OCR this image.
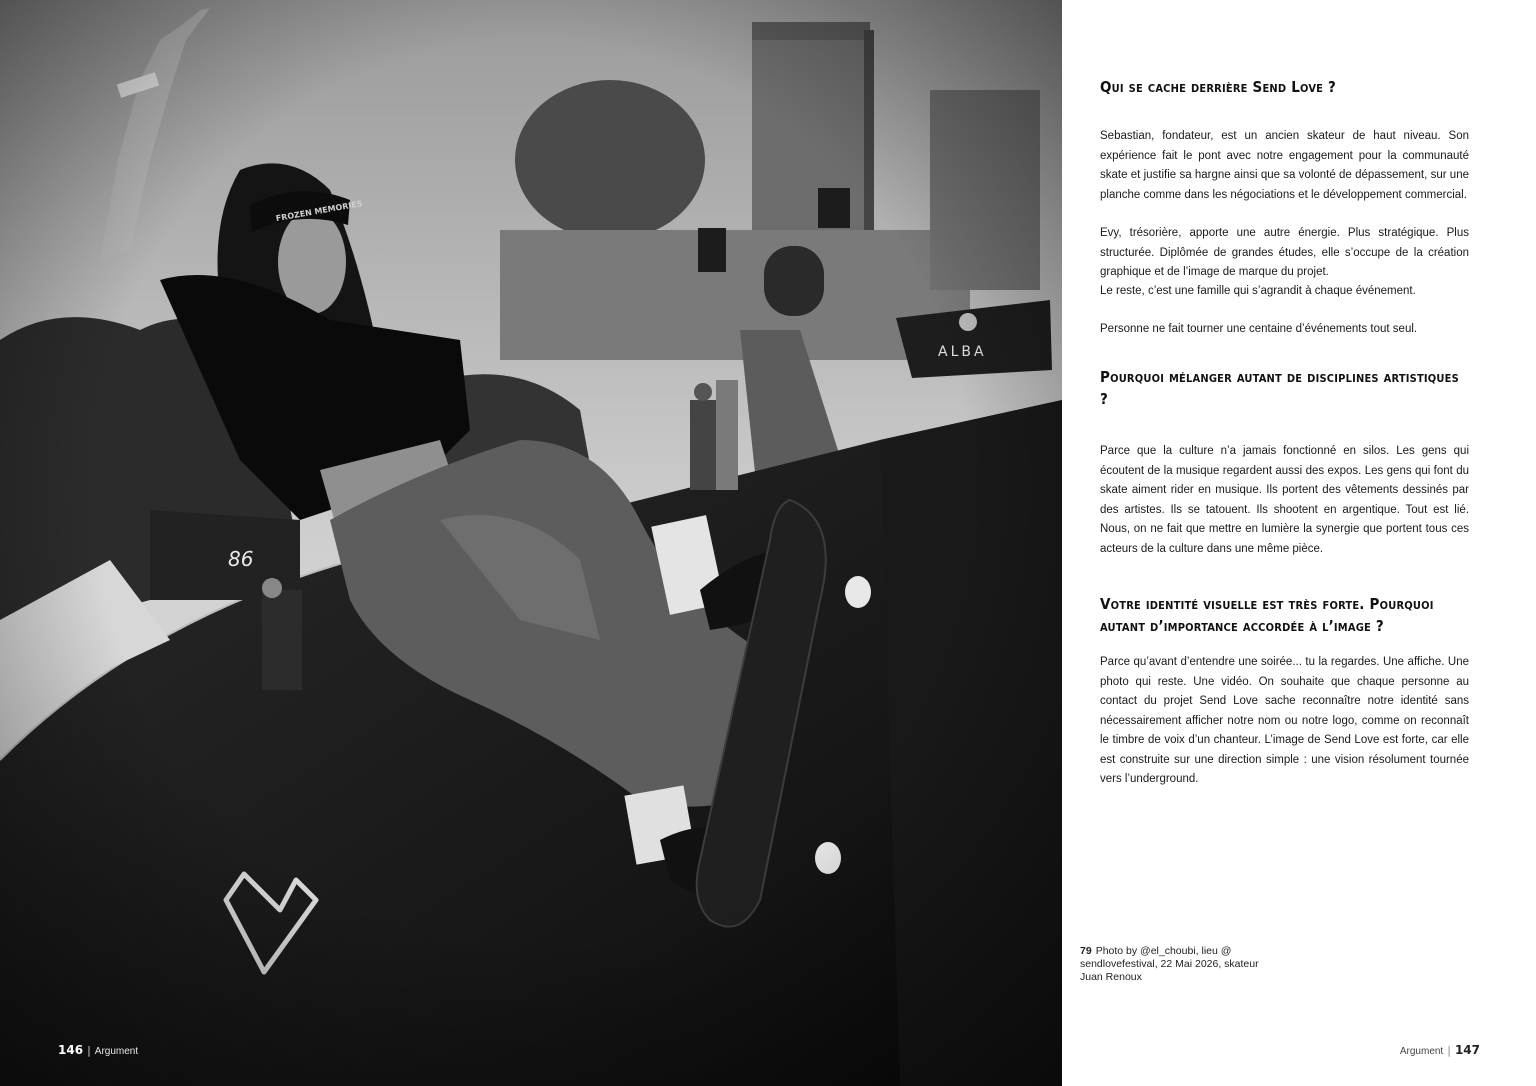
146 | Argument
Qui se cache derrière Send Love ?

Sebastian, fondateur, est un ancien skateur de haut niveau. Son expérience fait le pont avec notre engagement pour la communauté skate et justifie sa hargne ainsi que sa volonté de dépassement, sur une planche comme dans les négociations et le développement commercial.

Evy, trésorière, apporte une autre énergie. Plus stratégique. Plus structurée. Diplômée de grandes études, elle s’occupe de la création graphique et de l’image de marque du projet.

Le reste, c’est une famille qui s’agrandit à chaque événement.

Personne ne fait tourner une centaine d’événements tout seul.

Pourquoi mélanger autant de disciplines artistiques ?

Parce que la culture n’a jamais fonctionné en silos. Les gens qui écoutent de la musique regardent aussi des expos. Les gens qui font du skate aiment rider en musique. Ils portent des vêtements dessinés par des artistes. Ils se tatouent. Ils shootent en argentique. Tout est lié. Nous, on ne fait que mettre en lumière la synergie que portent tous ces acteurs de la culture dans une même pièce.

Votre identité visuelle est très forte. Pourquoi autant d’importance accordée à l’image ?

Parce qu’avant d’entendre une soirée... tu la regardes. Une affiche. Une photo qui reste. Une vidéo. On souhaite que chaque personne au contact du projet Send Love sache reconnaître notre identité sans nécessairement afficher notre nom ou notre logo, comme on reconnaît le timbre de voix d’un chanteur. L’image de Send Love est forte, car elle est construite sur une direction simple : une vision résolument tournée vers l’underground.

79 Photo by @el_choubi, lieu @ sendlovefestival, 22 Mai 2026, skateur Juan Renoux
Argument | 147
